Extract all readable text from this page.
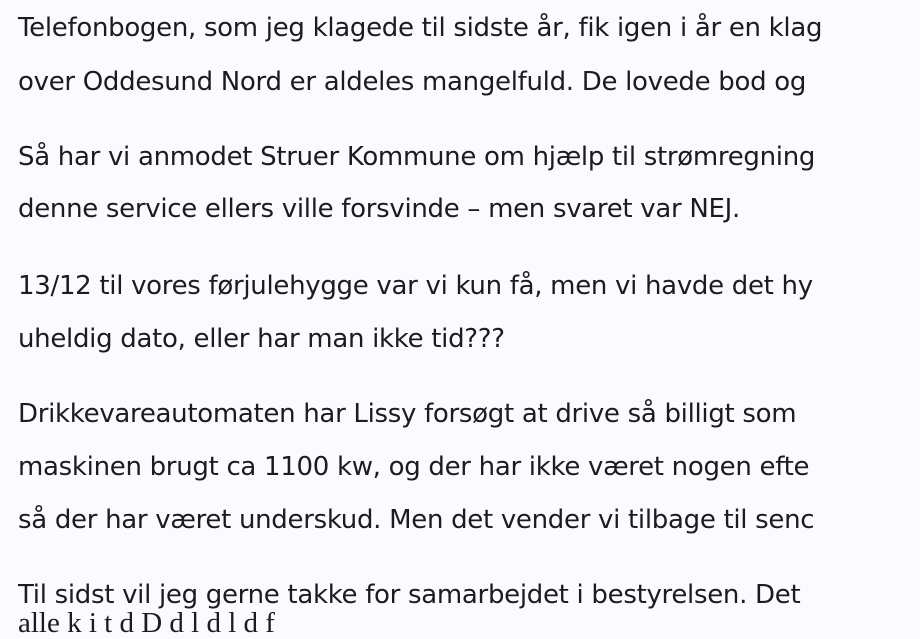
Telefonbogen, som jeg klagede til sidste år, fik igen i år en klag
over Oddesund Nord er aldeles mangelfuld. De lovede bod og
Så har vi anmodet Struer Kommune om hjælp til strømregning
denne service ellers ville forsvinde – men svaret var NEJ.
13/12 til vores førjulehygge var vi kun få, men vi havde det hy
uheldig dato, eller har man ikke tid???
Drikkevareautomaten har Lissy forsøgt at drive så billigt som
maskinen brugt ca 1100 kw, og der har ikke været nogen efte
så der har været underskud. Men det vender vi tilbage til senc
Til sidst vil jeg gerne takke for samarbejdet i bestyrelsen. Det
alle k i t d D d l d l d f
